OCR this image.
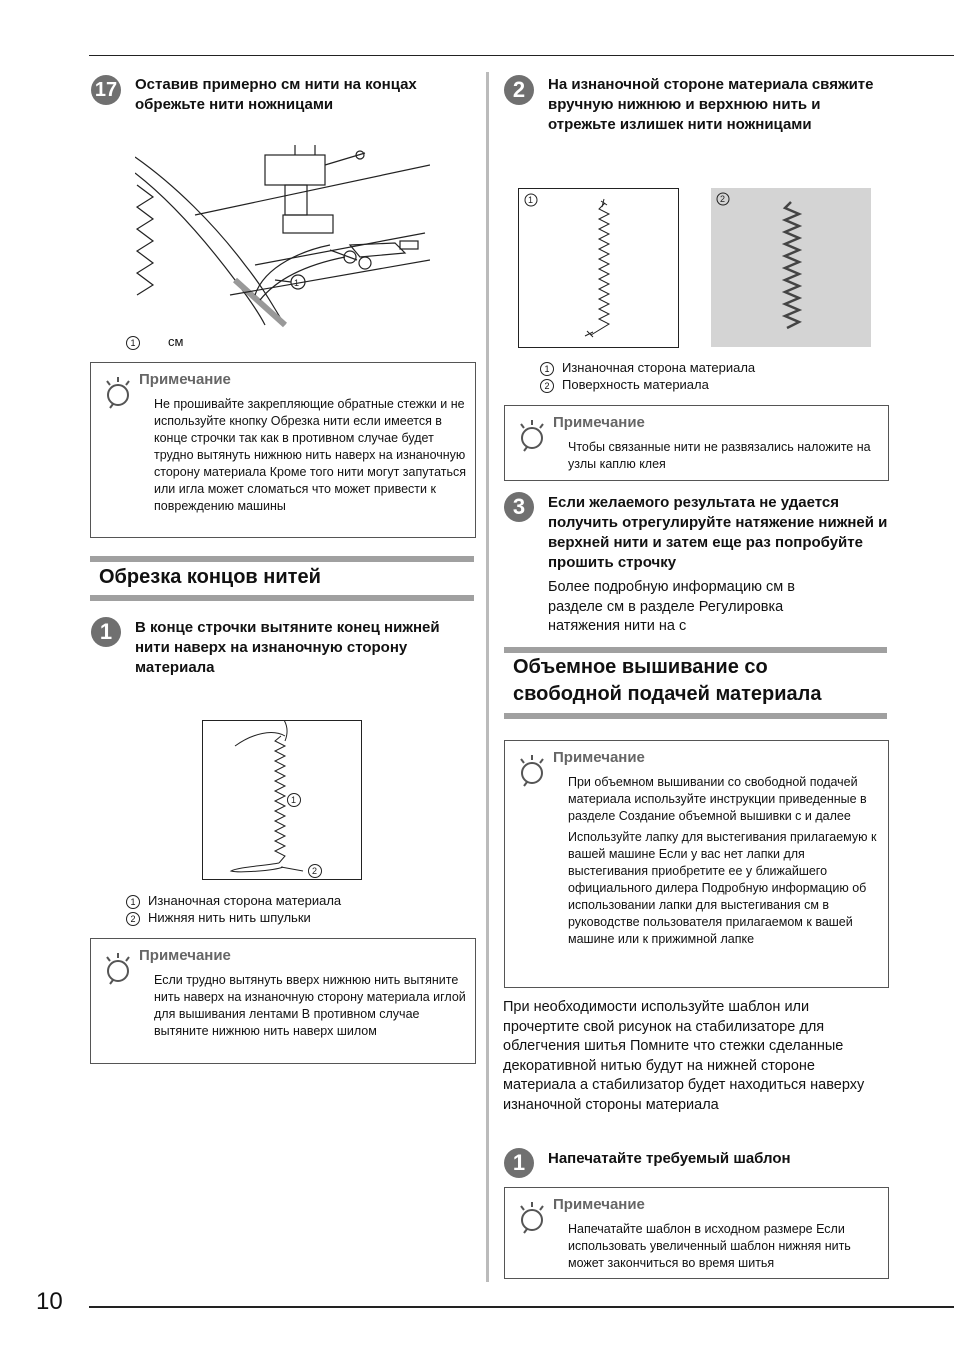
10
17 Оставив примерно см нити на концах обрежьте нити ножницами
1
1	см
Примечание
Не прошивайте закрепляющие обратные стежки и не используйте кнопку Обрезка нити если имеется в конце строчки так как в противном случае будет трудно вытянуть нижнюю нить наверх на изнаночную сторону материала Кроме того нити могут запутаться или игла может сломаться что может привести к повреждению машины
Обрезка концов нитей
1	В конце строчки вытяните конец нижней нити наверх на изнаночную сторону материала
1
2
1 Изнаночная сторона материала
2 Нижняя нить нить шпульки
Примечание
Если трудно вытянуть вверх нижнюю нить вытяните нить наверх на изнаночную сторону материала иглой для вышивания лентами В противном случае вытяните нижнюю нить наверх шилом
2	На изнаночной стороне материала свяжите вручную нижнюю и верхнюю нить и отрежьте излишек нити ножницами
1	2
1 Изнаночная сторона материала
2 Поверхность материала
Примечание
Чтобы связанные нити не развязались наложите на узлы каплю клея
3	Если желаемого результата не удается получить отрегулируйте натяжение нижней и верхней нити и затем еще раз попробуйте прошить строчку
Более подробную информацию см в разделе см в разделе Регулировка натяжения нити на с
Объемное вышивание со
свободной подачей материала
Примечание

При объемном вышивании со свободной подачей материала используйте инструкции приведенные в разделе Создание объемной вышивки с и далее

Используйте лапку для выстегивания прилагаемую к вашей машине Если у вас нет лапки для выстегивания приобретите ее у ближайшего официального дилера Подробную информацию об использовании лапки для выстегивания см в руководстве пользователя прилагаемом к вашей машине или к прижимной лапке

При необходимости используйте шаблон или прочертите свой рисунок на стабилизаторе для облегчения шитья Помните что стежки сделанные декоративной нитью будут на нижней стороне материала а стабилизатор будет находиться наверху изнаночной стороны материала
1	Напечатайте требуемый шаблон
Примечание
Напечатайте шаблон в исходном размере Если использовать увеличенный шаблон нижняя нить может закончиться во время шитья
